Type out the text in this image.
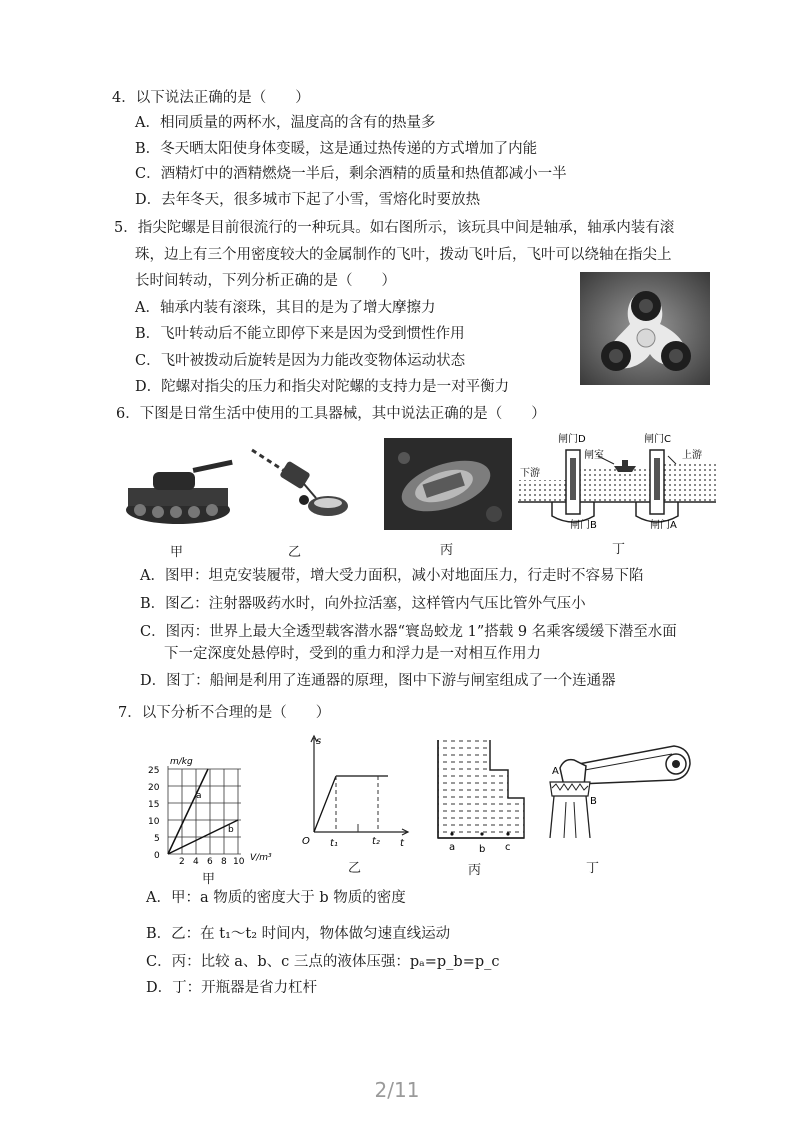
4．以下说法正确的是（　　）
A．相同质量的两杯水，温度高的含有的热量多
B．冬天晒太阳使身体变暖，这是通过热传递的方式增加了内能
C．酒精灯中的酒精燃烧一半后，剩余酒精的质量和热值都减小一半
D．去年冬天，很多城市下起了小雪，雪熔化时要放热
5．指尖陀螺是目前很流行的一种玩具。如右图所示，该玩具中间是轴承，轴承内装有滚
珠，边上有三个用密度较大的金属制作的飞叶，拨动飞叶后，飞叶可以绕轴在指尖上
长时间转动，下列分析正确的是（　　）
A．轴承内装有滚珠，其目的是为了增大摩擦力
B．飞叶转动后不能立即停下来是因为受到惯性作用
C．飞叶被拨动后旋转是因为力能改变物体运动状态
D．陀螺对指尖的压力和指尖对陀螺的支持力是一对平衡力
6．下图是日常生活中使用的工具器械，其中说法正确的是（　　）
甲	乙	丙
闸门D	闸门C
闸室
下游
上游
闸门B	闸门A
丁
A．图甲：坦克安装履带，增大受力面积，减小对地面压力，行走时不容易下陷
B．图乙：注射器吸药水时，向外拉活塞，这样管内气压比管外气压小
C．图丙：世界上最大全透型载客潜水器“寰岛蛟龙 1”搭载 9 名乘客缓缓下潜至水面
下一定深度处悬停时，受到的重力和浮力是一对相互作用力
D．图丁：船闸是利用了连通器的原理，图中下游与闸室组成了一个连通器
7．以下分析不合理的是（　　）
m/kg
25
20
15
10
5
0
2 4 6 8 10 V/m³
a
b
甲
s
O t₁	t₂ t
乙
a b c
丙
A
B
丁
A．甲：a 物质的密度大于 b 物质的密度
B．乙：在 t₁～t₂ 时间内，物体做匀速直线运动
C．丙：比较 a、b、c 三点的液体压强：pₐ=p_b=p_c
D．丁：开瓶器是省力杠杆
2/11
